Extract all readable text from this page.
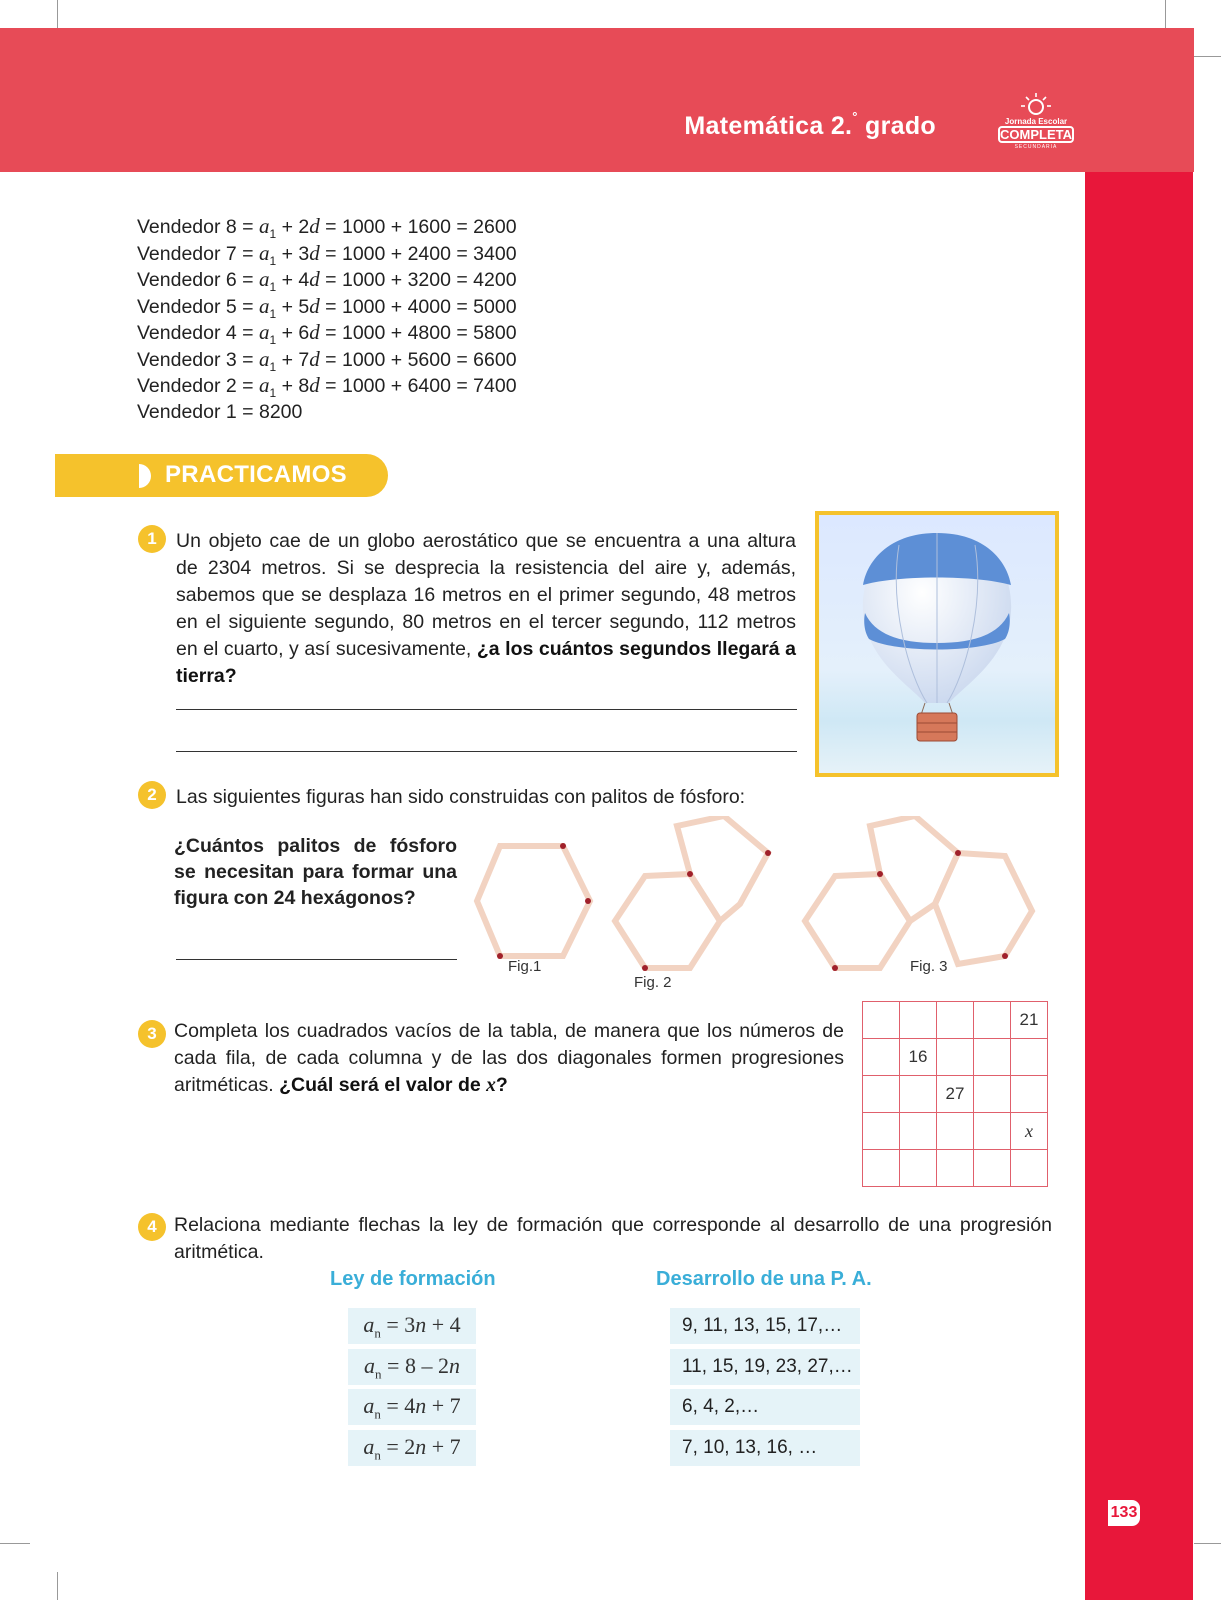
Matemática 2.° grado	Jornada Escolar
COMPLETA
SECUNDARIA
133
Vendedor $8 = a_1 + 2d = 1000 + 1600 = 2600$
Vendedor $7 = a_1 + 3d = 1000 + 2400 = 3400$
Vendedor $6 = a_1 + 4d = 1000 + 3200 = 4200$
Vendedor $5 = a_1 + 5d = 1000 + 4000 = 5000$
Vendedor $4 = a_1 + 6d = 1000 + 4800 = 5800$
Vendedor $3 = a_1 + 7d = 1000 + 5600 = 6600$
Vendedor $2 = a_1 + 8d = 1000 + 6400 = 7400$
Vendedor 1 = 8200
PRACTICAMOS
1 Un objeto cae de un globo aerostático que se encuentra a una altura de 2304 metros. Si se desprecia la resistencia del aire y, además, sabemos que se desplaza 16 metros en el primer segundo, 48 metros en el siguiente segundo, 80 metros en el tercer segundo, 112 metros en el cuarto, y así sucesivamente, ¿a los cuántos segundos llegará a tierra?
2 Las siguientes figuras han sido construidas con palitos de fósforo:
¿Cuántos palitos de fósforo se necesitan para formar una figura con 24 hexágonos?
Fig.1
Fig. 2
Fig. 3
3 Completa los cuadrados vacíos de la tabla, de manera que los números de cada fila, de cada columna y de las dos diagonales formen progresiones aritméticas. ¿Cuál será el valor de x?
				21
	16			
		27		
				x

4 Relaciona mediante flechas la ley de formación que corresponde al desarrollo de una progresión aritmética.
Ley de formación	Desarrollo de una P. A.
$a_n = 3n + 4$
$a_n = 8 - 2n$
$a_n = 4n + 7$
$a_n = 2n + 7$
9, 11, 13, 15, 17,…
11, 15, 19, 23, 27,…
6, 4, 2,…
7, 10, 13, 16, …
